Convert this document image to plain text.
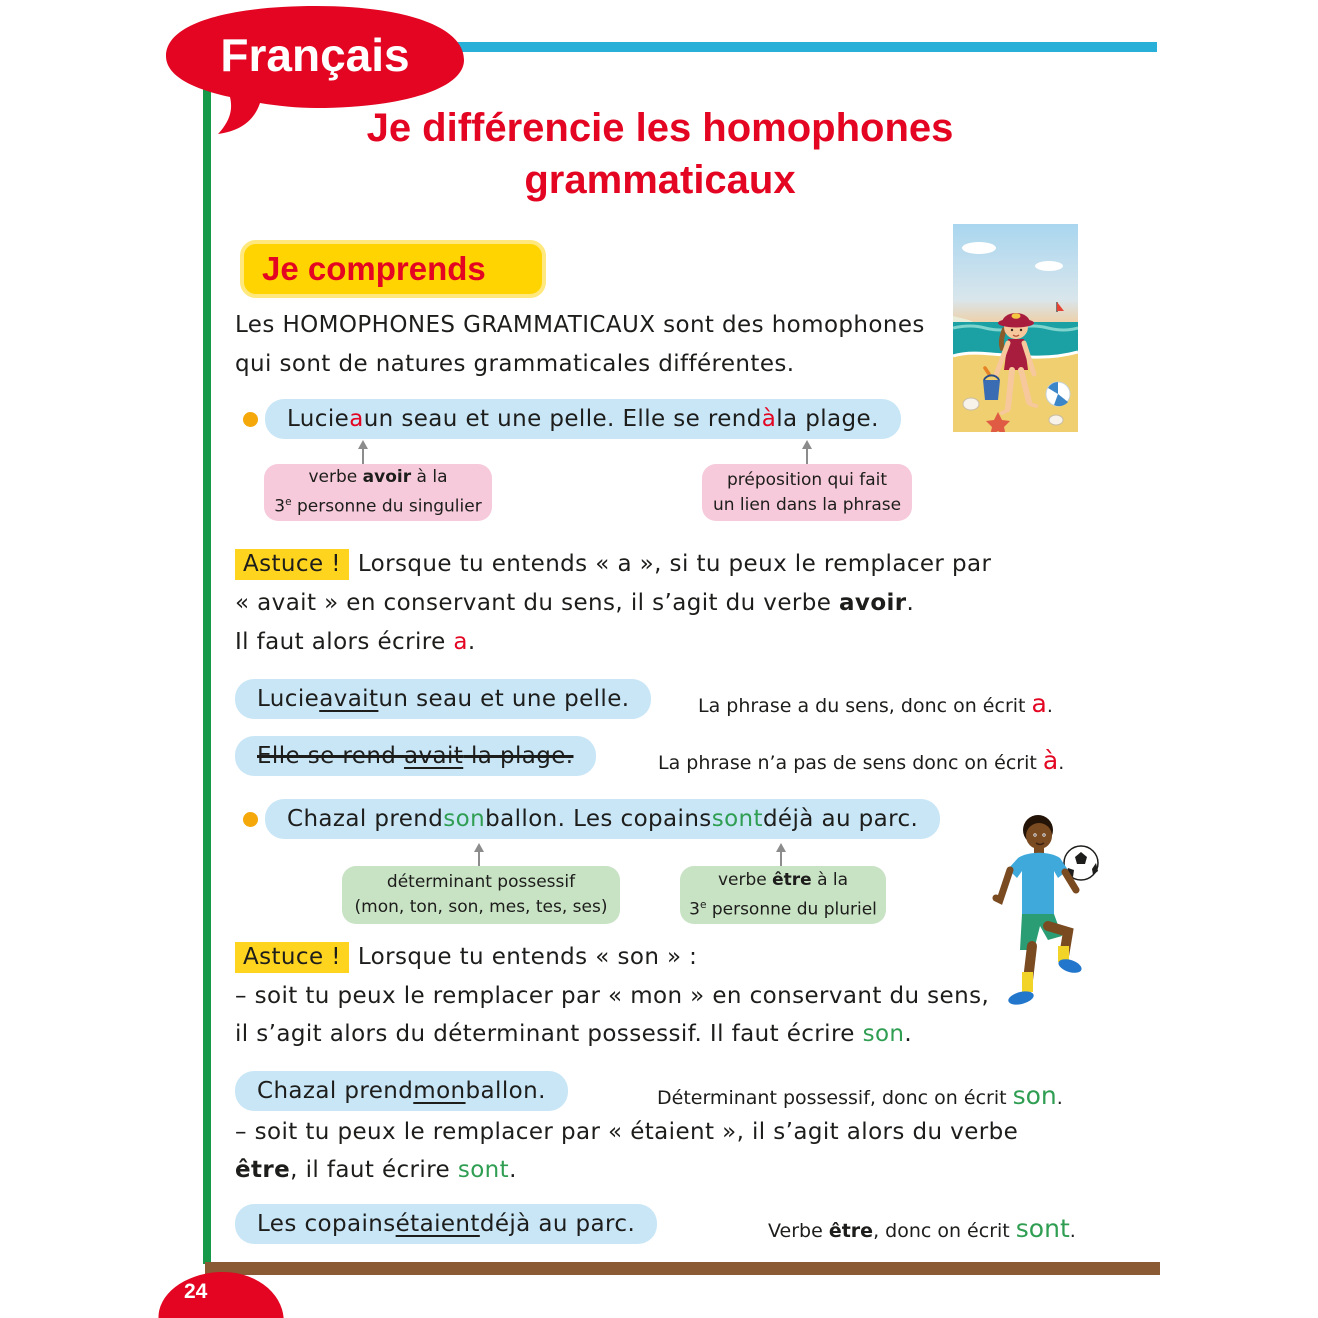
Français
Je différencie les homophones
grammaticaux
Je comprends
Les HOMOPHONES GRAMMATICAUX sont des homophones
qui sont de natures grammaticales différentes.
Lucie a un seau et une pelle. Elle se rend à la plage.
verbe avoir à la
3e personne du singulier
préposition qui fait
un lien dans la phrase
Astuce ! Lorsque tu entends « a », si tu peux le remplacer par
« avait » en conservant du sens, il s’agit du verbe avoir.
Il faut alors écrire a.
Lucie avait un seau et une pelle.	La phrase a du sens, donc on écrit a.
Elle se rend avait la plage.	La phrase n’a pas de sens donc on écrit à.
Chazal prend son ballon. Les copains sont déjà au parc.
déterminant possessif
(mon, ton, son, mes, tes, ses)
verbe être à la
3e personne du pluriel
Astuce ! Lorsque tu entends « son » :
– soit tu peux le remplacer par « mon » en conservant du sens,
il s’agit alors du déterminant possessif. Il faut écrire son.
Chazal prend mon ballon.	Déterminant possessif, donc on écrit son.
– soit tu peux le remplacer par « étaient », il s’agit alors du verbe
être, il faut écrire sont.
Les copains étaient déjà au parc.	Verbe être, donc on écrit sont.
24
